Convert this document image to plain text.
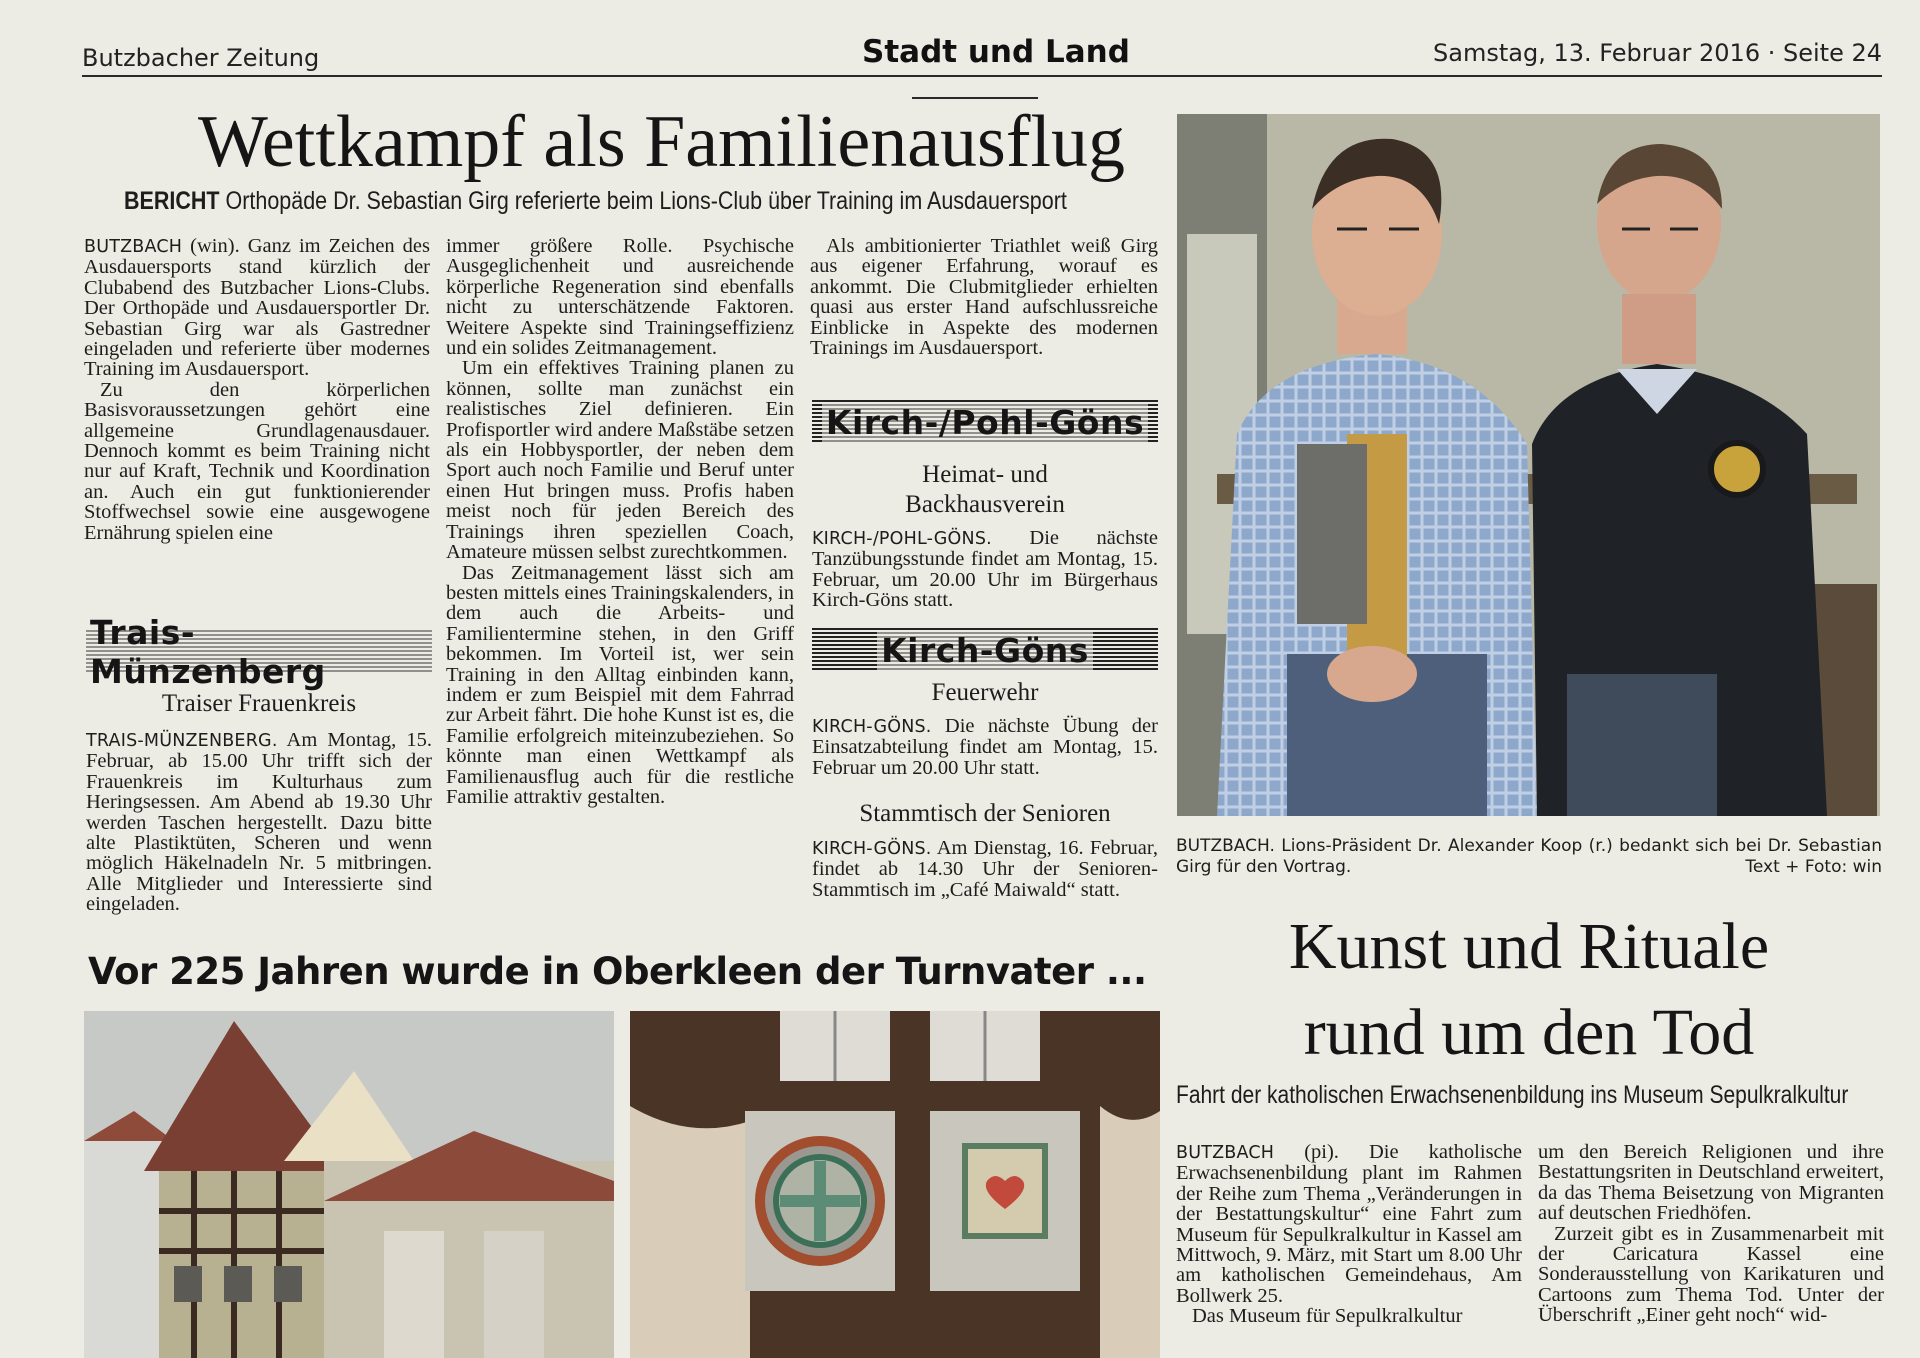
Butzbacher Zeitung	Stadt und Land	Samstag, 13. Februar 2016 · Seite 24
Wettkampf als Familienausflug
BERICHT Orthopäde Dr. Sebastian Girg referierte beim Lions-Club über Training im Ausdauersport

BUTZBACH (win). Ganz im Zeichen des Ausdauersports stand kürzlich der Clubabend des Butzbacher Lions-Clubs. Der Orthopäde und Ausdauersportler Dr. Sebastian Girg war als Gastredner eingeladen und referierte über modernes Training im Ausdauersport.

Zu den körperlichen Basisvoraussetzungen gehört eine allgemeine Grundlagenausdauer. Dennoch kommt es beim Training nicht nur auf Kraft, Technik und Koordination an. Auch ein gut funktionierender Stoffwechsel sowie eine ausgewogene Ernährung spielen eine

immer größere Rolle. Psychische Ausgeglichenheit und ausreichende körperliche Regeneration sind ebenfalls nicht zu unterschätzende Faktoren. Weitere Aspekte sind Trainingseffizienz und ein solides Zeitmanagement.

Um ein effektives Training planen zu können, sollte man zunächst ein realistisches Ziel definieren. Ein Profisportler wird andere Maßstäbe setzen als ein Hobbysportler, der neben dem Sport auch noch Familie und Beruf unter einen Hut bringen muss. Profis haben meist noch für jeden Bereich des Trainings ihren speziellen Coach, Amateure müssen selbst zurechtkommen.

Das Zeitmanagement lässt sich am besten mittels eines Trainingskalenders, in dem auch die Arbeits- und Familientermine stehen, in den Griff bekommen. Im Vorteil ist, wer sein Training in den Alltag einbinden kann, indem er zum Beispiel mit dem Fahrrad zur Arbeit fährt. Die hohe Kunst ist es, die Familie erfolgreich miteinzubeziehen. So könnte man einen Wettkampf als Familienausflug auch für die restliche Familie attraktiv gestalten.

Als ambitionierter Triathlet weiß Girg aus eigener Erfahrung, worauf es ankommt. Die Clubmitglieder erhielten quasi aus erster Hand aufschlussreiche Einblicke in Aspekte des modernen Trainings im Ausdauersport.

Trais-Münzenberg
Traiser Frauenkreis

TRAIS-MÜNZENBERG. Am Montag, 15. Februar, ab 15.00 Uhr trifft sich der Frauenkreis im Kulturhaus zum Heringsessen. Am Abend ab 19.30 Uhr werden Taschen hergestellt. Dazu bitte alte Plastiktüten, Scheren und wenn möglich Häkelnadeln Nr. 5 mitbringen. Alle Mitglieder und Interessierte sind eingeladen.

Kirch-/Pohl-Göns
Heimat- und Backhausverein

KIRCH-/POHL-GÖNS. Die nächste Tanzübungsstunde findet am Montag, 15. Februar, um 20.00 Uhr im Bürgerhaus Kirch-Göns statt.

Kirch-Göns
Feuerwehr

KIRCH-GÖNS. Die nächste Übung der Einsatzabteilung findet am Montag, 15. Februar um 20.00 Uhr statt.

Stammtisch der Senioren

KIRCH-GÖNS. Am Dienstag, 16. Februar, findet ab 14.30 Uhr der Senioren-Stammtisch im „Café Maiwald“ statt.

BUTZBACH. Lions-Präsident Dr. Alexander Koop (r.) bedankt sich bei Dr. Sebastian Girg für den Vortrag.	Text + Foto: win
Vor 225 Jahren wurde in Oberkleen der Turnvater ...	Kunst und Rituale
rund um den Tod
Fahrt der katholischen Erwachsenenbildung ins Museum Sepulkralkultur

BUTZBACH (pi). Die katholische Erwachsenenbildung plant im Rahmen der Reihe zum Thema „Veränderungen in der Bestattungskultur“ eine Fahrt zum Museum für Sepulkralkultur in Kassel am Mittwoch, 9. März, mit Start um 8.00 Uhr am katholischen Gemeindehaus, Am Bollwerk 25.

Das Museum für Sepulkralkultur

um den Bereich Religionen und ihre Bestattungsriten in Deutschland erweitert, da das Thema Beisetzung von Migranten auf deutschen Friedhöfen.

Zurzeit gibt es in Zusammenarbeit mit der Caricatura Kassel eine Sonderausstellung von Karikaturen und Cartoons zum Thema Tod. Unter der Überschrift „Einer geht noch“ wid-
